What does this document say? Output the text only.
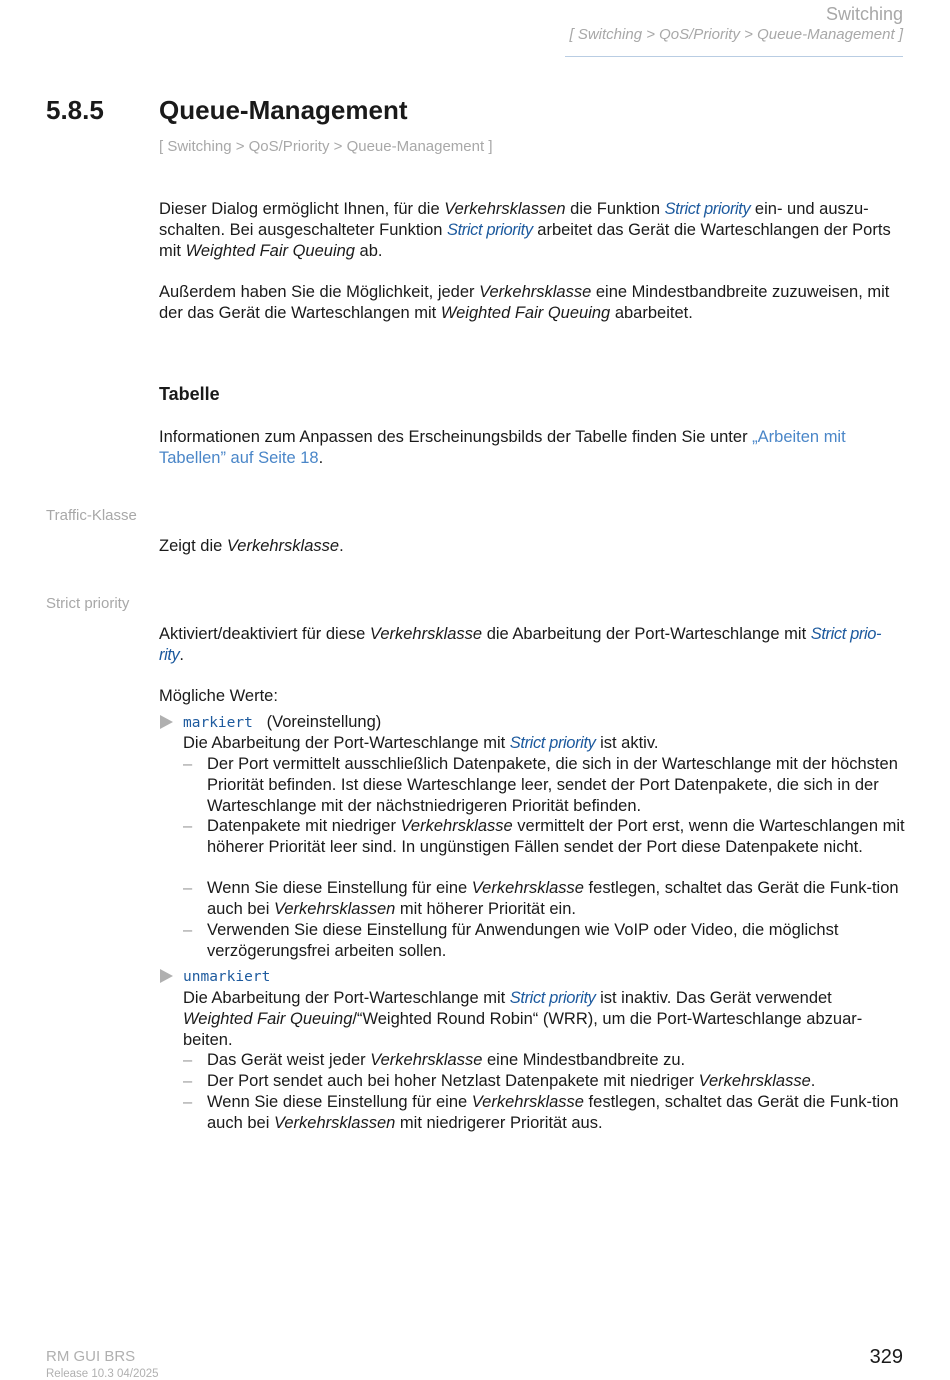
Switching
[ Switching > QoS/Priority > Queue-Management ]
5.8.5 Queue-Management
[ Switching > QoS/Priority > Queue-Management ]
Dieser Dialog ermöglicht Ihnen, für die Verkehrsklassen die Funktion Strict priority ein- und auszu-schalten. Bei ausgeschalteter Funktion Strict priority arbeitet das Gerät die Warteschlangen der Ports mit Weighted Fair Queuing ab.
Außerdem haben Sie die Möglichkeit, jeder Verkehrsklasse eine Mindestbandbreite zuzuweisen, mit der das Gerät die Warteschlangen mit Weighted Fair Queuing abarbeitet.
Tabelle
Informationen zum Anpassen des Erscheinungsbilds der Tabelle finden Sie unter „Arbeiten mit Tabellen” auf Seite 18.
Traffic-Klasse
Zeigt die Verkehrsklasse.
Strict priority
Aktiviert/deaktiviert für diese Verkehrsklasse die Abarbeitung der Port-Warteschlange mit Strict prio-rity.
Mögliche Werte:
markiert (Voreinstellung)
Die Abarbeitung der Port-Warteschlange mit Strict priority ist aktiv.
– Der Port vermittelt ausschließlich Datenpakete, die sich in der Warteschlange mit der höchsten Priorität befinden. Ist diese Warteschlange leer, sendet der Port Datenpakete, die sich in der Warteschlange mit der nächstniedrigeren Priorität befinden.
– Datenpakete mit niedriger Verkehrsklasse vermittelt der Port erst, wenn die Warteschlangen mit höherer Priorität leer sind. In ungünstigen Fällen sendet der Port diese Datenpakete nicht.
– Wenn Sie diese Einstellung für eine Verkehrsklasse festlegen, schaltet das Gerät die Funk-tion auch bei Verkehrsklassen mit höherer Priorität ein.
– Verwenden Sie diese Einstellung für Anwendungen wie VoIP oder Video, die möglichst verzögerungsfrei arbeiten sollen.
unmarkiert
Die Abarbeitung der Port-Warteschlange mit Strict priority ist inaktiv. Das Gerät verwendet Weighted Fair Queuing/“Weighted Round Robin“ (WRR), um die Port-Warteschlange abzuar-beiten.
– Das Gerät weist jeder Verkehrsklasse eine Mindestbandbreite zu.
– Der Port sendet auch bei hoher Netzlast Datenpakete mit niedriger Verkehrsklasse.
– Wenn Sie diese Einstellung für eine Verkehrsklasse festlegen, schaltet das Gerät die Funk-tion auch bei Verkehrsklassen mit niedrigerer Priorität aus.
RM GUI BRS
Release 10.3 04/2025
329
